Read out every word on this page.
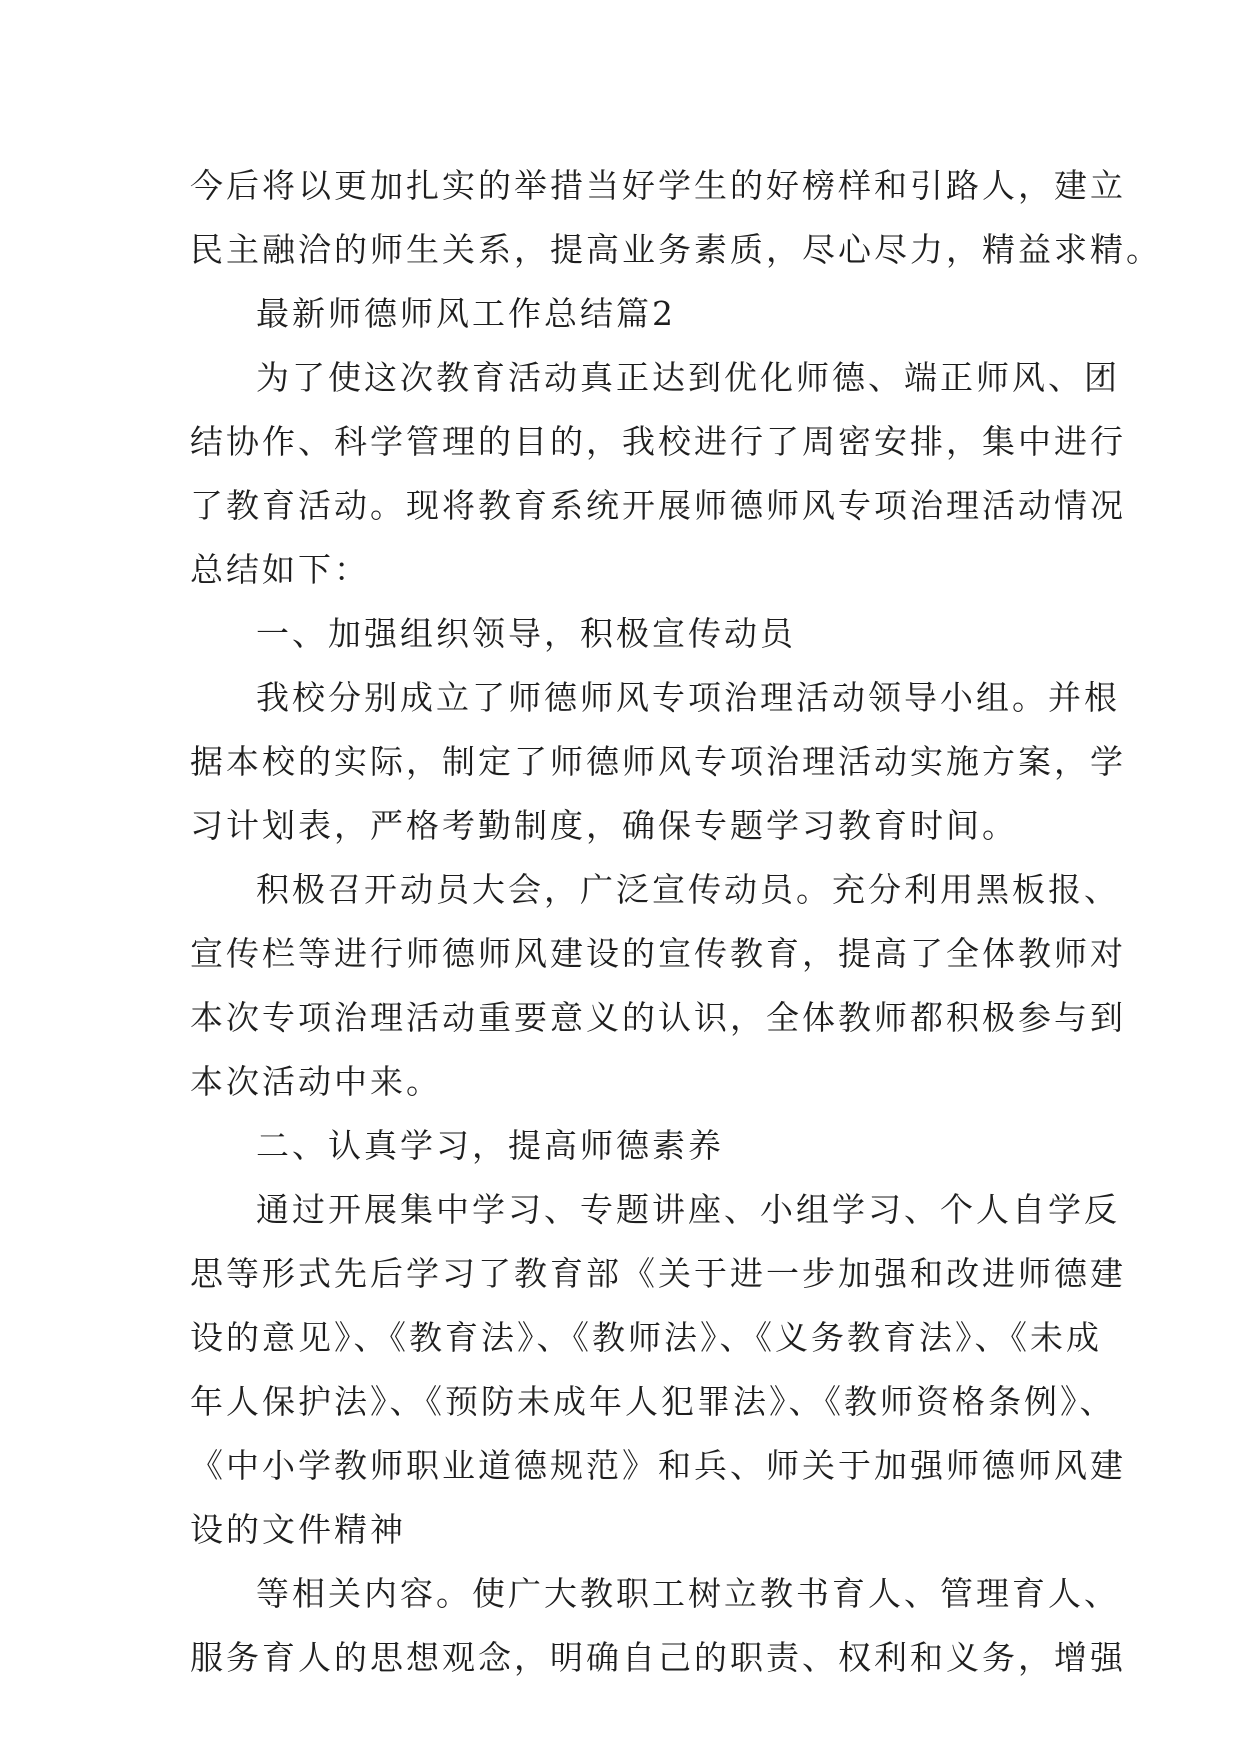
今后将以更加扎实的举措当好学生的好榜样和引路人，建立
民主融洽的师生关系，提高业务素质，尽心尽力，精益求精。
最新师德师风工作总结篇2
为了使这次教育活动真正达到优化师德、端正师风、团
结协作、科学管理的目的，我校进行了周密安排，集中进行
了教育活动。现将教育系统开展师德师风专项治理活动情况
总结如下：
一、加强组织领导，积极宣传动员
我校分别成立了师德师风专项治理活动领导小组。并根
据本校的实际，制定了师德师风专项治理活动实施方案，学
习计划表，严格考勤制度，确保专题学习教育时间。
积极召开动员大会，广泛宣传动员。充分利用黑板报、
宣传栏等进行师德师风建设的宣传教育，提高了全体教师对
本次专项治理活动重要意义的认识，全体教师都积极参与到
本次活动中来。
二、认真学习，提高师德素养
通过开展集中学习、专题讲座、小组学习、个人自学反
思等形式先后学习了教育部《关于进一步加强和改进师德建
设的意见》、《教育法》、《教师法》、《义务教育法》、《未成
年人保护法》、《预防未成年人犯罪法》、《教师资格条例》、
《中小学教师职业道德规范》和兵、师关于加强师德师风建
设的文件精神
等相关内容。使广大教职工树立教书育人、管理育人、
服务育人的思想观念，明确自己的职责、权利和义务，增强
